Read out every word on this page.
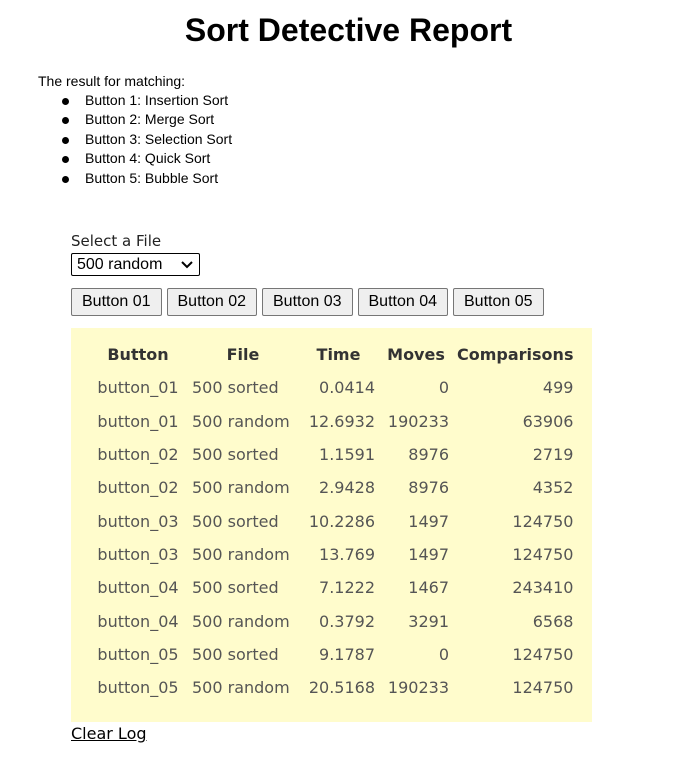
Sort Detective Report
The result for matching:
Button 1: Insertion Sort
Button 2: Merge Sort
Button 3: Selection Sort
Button 4: Quick Sort
Button 5: Bubble Sort
Select a File
500 random
Button 01	Button 02	Button 03	Button 04	Button 05
Button	File	Time	Moves	Comparisons
button_01	500 sorted	0.0414	0	499
button_01	500 random	12.6932	190233	63906
button_02	500 sorted	1.1591	8976	2719
button_02	500 random	2.9428	8976	4352
button_03	500 sorted	10.2286	1497	124750
button_03	500 random	13.769	1497	124750
button_04	500 sorted	7.1222	1467	243410
button_04	500 random	0.3792	3291	6568
button_05	500 sorted	9.1787	0	124750
button_05	500 random	20.5168	190233	124750
Clear Log
